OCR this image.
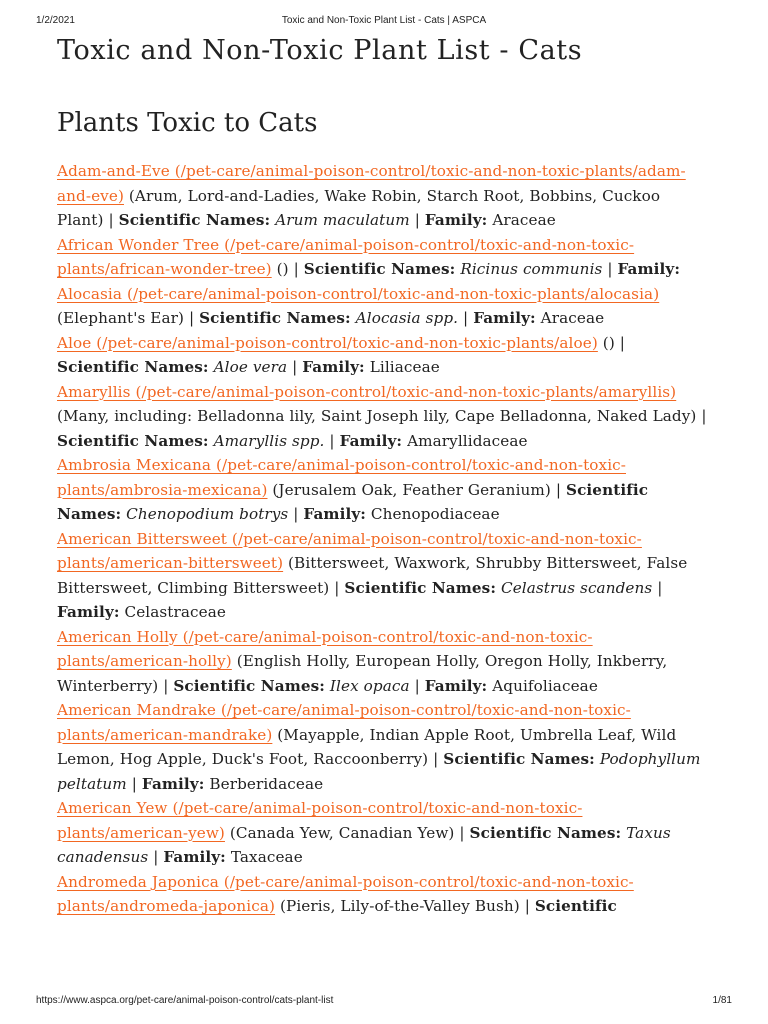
1/2/2021	Toxic and Non-Toxic Plant List - Cats | ASPCA
Toxic and Non-Toxic Plant List - Cats
Plants Toxic to Cats
Adam-and-Eve (/pet-care/animal-poison-control/toxic-and-non-toxic-plants/adam-and-eve) (Arum, Lord-and-Ladies, Wake Robin, Starch Root, Bobbins, Cuckoo Plant) | Scientific Names: Arum maculatum | Family: Araceae
African Wonder Tree (/pet-care/animal-poison-control/toxic-and-non-toxic-plants/african-wonder-tree) () | Scientific Names: Ricinus communis | Family:
Alocasia (/pet-care/animal-poison-control/toxic-and-non-toxic-plants/alocasia) (Elephant's Ear) | Scientific Names: Alocasia spp. | Family: Araceae
Aloe (/pet-care/animal-poison-control/toxic-and-non-toxic-plants/aloe) () | Scientific Names: Aloe vera | Family: Liliaceae
Amaryllis (/pet-care/animal-poison-control/toxic-and-non-toxic-plants/amaryllis) (Many, including: Belladonna lily, Saint Joseph lily, Cape Belladonna, Naked Lady) | Scientific Names: Amaryllis spp. | Family: Amaryllidaceae
Ambrosia Mexicana (/pet-care/animal-poison-control/toxic-and-non-toxic-plants/ambrosia-mexicana) (Jerusalem Oak, Feather Geranium) | Scientific Names: Chenopodium botrys | Family: Chenopodiaceae
American Bittersweet (/pet-care/animal-poison-control/toxic-and-non-toxic-plants/american-bittersweet) (Bittersweet, Waxwork, Shrubby Bittersweet, False Bittersweet, Climbing Bittersweet) | Scientific Names: Celastrus scandens | Family: Celastraceae
American Holly (/pet-care/animal-poison-control/toxic-and-non-toxic-plants/american-holly) (English Holly, European Holly, Oregon Holly, Inkberry, Winterberry) | Scientific Names: Ilex opaca | Family: Aquifoliaceae
American Mandrake (/pet-care/animal-poison-control/toxic-and-non-toxic-plants/american-mandrake) (Mayapple, Indian Apple Root, Umbrella Leaf, Wild Lemon, Hog Apple, Duck's Foot, Raccoonberry) | Scientific Names: Podophyllum peltatum | Family: Berberidaceae
American Yew (/pet-care/animal-poison-control/toxic-and-non-toxic-plants/american-yew) (Canada Yew, Canadian Yew) | Scientific Names: Taxus canadensus | Family: Taxaceae
Andromeda Japonica (/pet-care/animal-poison-control/toxic-and-non-toxic-plants/andromeda-japonica) (Pieris, Lily-of-the-Valley Bush) | Scientific
https://www.aspca.org/pet-care/animal-poison-control/cats-plant-list	1/81
